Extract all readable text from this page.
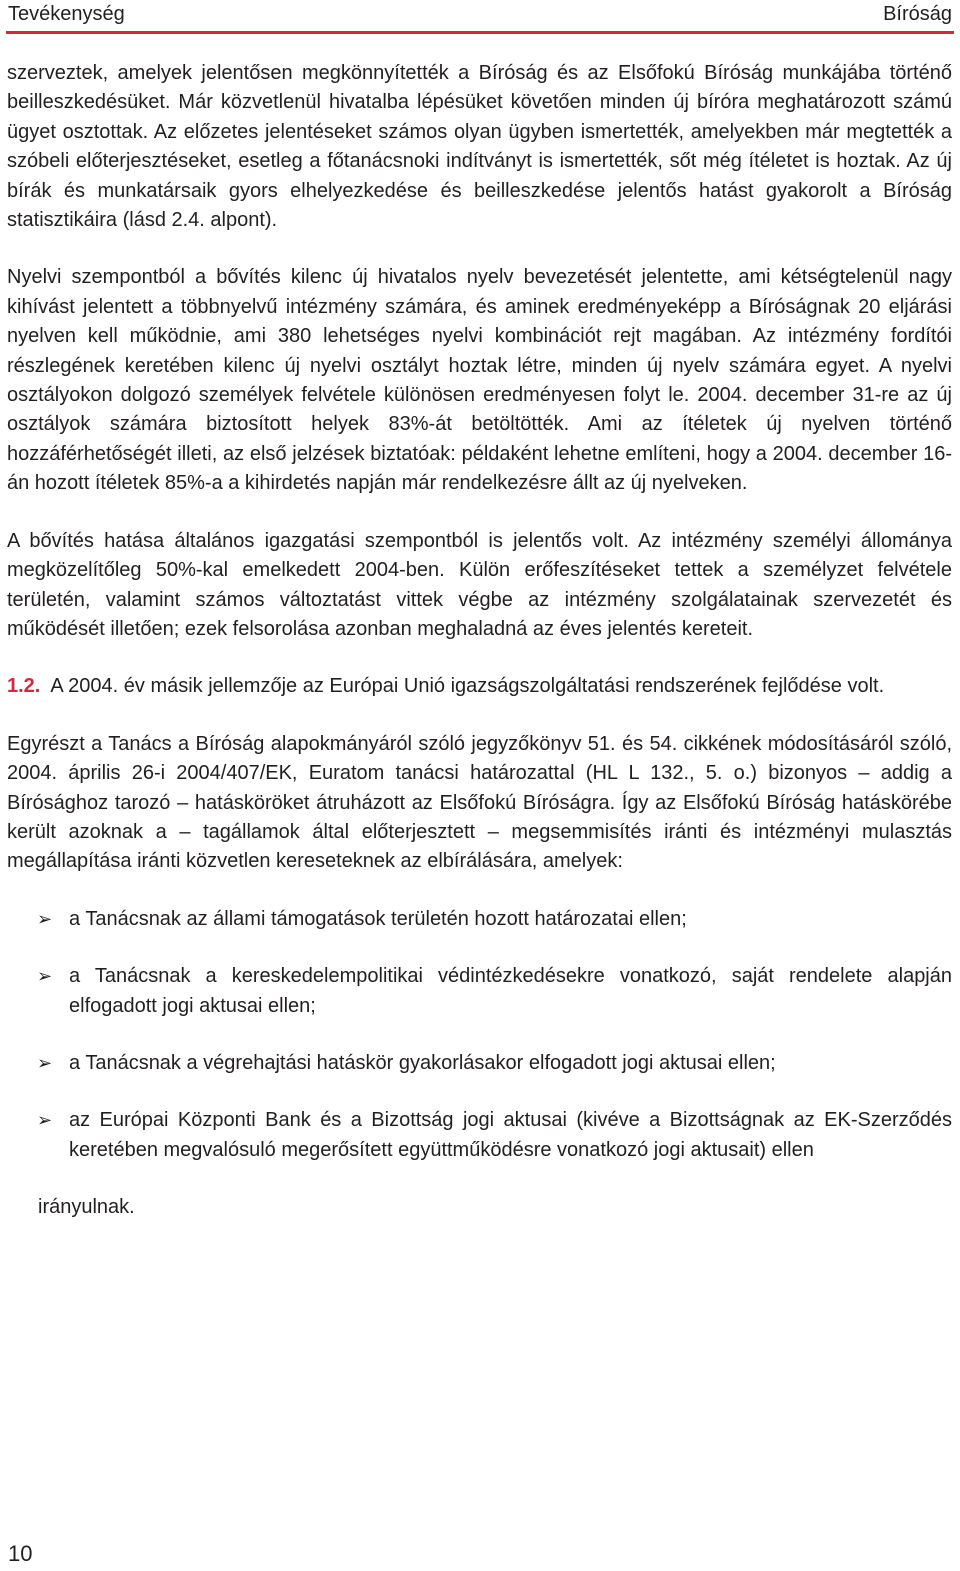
Tevékenység	Bíróság

szerveztek, amelyek jelentősen megkönnyítették a Bíróság és az Elsőfokú Bíróság munkájába történő beilleszkedésüket. Már közvetlenül hivatalba lépésüket követően minden új bíróra meghatározott számú ügyet osztottak. Az előzetes jelentéseket számos olyan ügyben ismertették, amelyekben már megtették a szóbeli előterjesztéseket, esetleg a főtanácsnoki indítványt is ismertették, sőt még ítéletet is hoztak. Az új bírák és munkatársaik gyors elhelyezkedése és beilleszkedése jelentős hatást gyakorolt a Bíróság statisztikáira (lásd 2.4. alpont).

Nyelvi szempontból a bővítés kilenc új hivatalos nyelv bevezetését jelentette, ami kétségtelenül nagy kihívást jelentett a többnyelvű intézmény számára, és aminek eredményeképp a Bíróságnak 20 eljárási nyelven kell működnie, ami 380 lehetséges nyelvi kombinációt rejt magában. Az intézmény fordítói részlegének keretében kilenc új nyelvi osztályt hoztak létre, minden új nyelv számára egyet. A nyelvi osztályokon dolgozó személyek felvétele különösen eredményesen folyt le. 2004. december 31-re az új osztályok számára biztosított helyek 83%-át betöltötték. Ami az ítéletek új nyelven történő hozzáférhetőségét illeti, az első jelzések biztatóak: példaként lehetne említeni, hogy a 2004. december 16-án hozott ítéletek 85%-a a kihirdetés napján már rendelkezésre állt az új nyelveken.

A bővítés hatása általános igazgatási szempontból is jelentős volt. Az intézmény személyi állománya megközelítőleg 50%-kal emelkedett 2004-ben. Külön erőfeszítéseket tettek a személyzet felvétele területén, valamint számos változtatást vittek végbe az intézmény szolgálatainak szervezetét és működését illetően; ezek felsorolása azonban meghaladná az éves jelentés kereteit.

1.2. A 2004. év másik jellemzője az Európai Unió igazságszolgáltatási rendszerének fejlődése volt.

Egyrészt a Tanács a Bíróság alapokmányáról szóló jegyzőkönyv 51. és 54. cikkének módosításáról szóló, 2004. április 26-i 2004/407/EK, Euratom tanácsi határozattal (HL L 132., 5. o.) bizonyos – addig a Bírósághoz tarozó – hatásköröket átruházott az Elsőfokú Bíróságra. Így az Elsőfokú Bíróság hatáskörébe került azoknak a – tagállamok által előterjesztett – megsemmisítés iránti és intézményi mulasztás megállapítása iránti közvetlen kereseteknek az elbírálására, amelyek:

➢ a Tanácsnak az állami támogatások területén hozott határozatai ellen;
➢ a Tanácsnak a kereskedelempolitikai védintézkedésekre vonatkozó, saját rendelete alapján elfogadott jogi aktusai ellen;
➢ a Tanácsnak a végrehajtási hatáskör gyakorlásakor elfogadott jogi aktusai ellen;
➢ az Európai Központi Bank és a Bizottság jogi aktusai (kivéve a Bizottságnak az EK-Szerződés keretében megvalósuló megerősített együttműködésre vonatkozó jogi aktusait) ellen

irányulnak.

10
